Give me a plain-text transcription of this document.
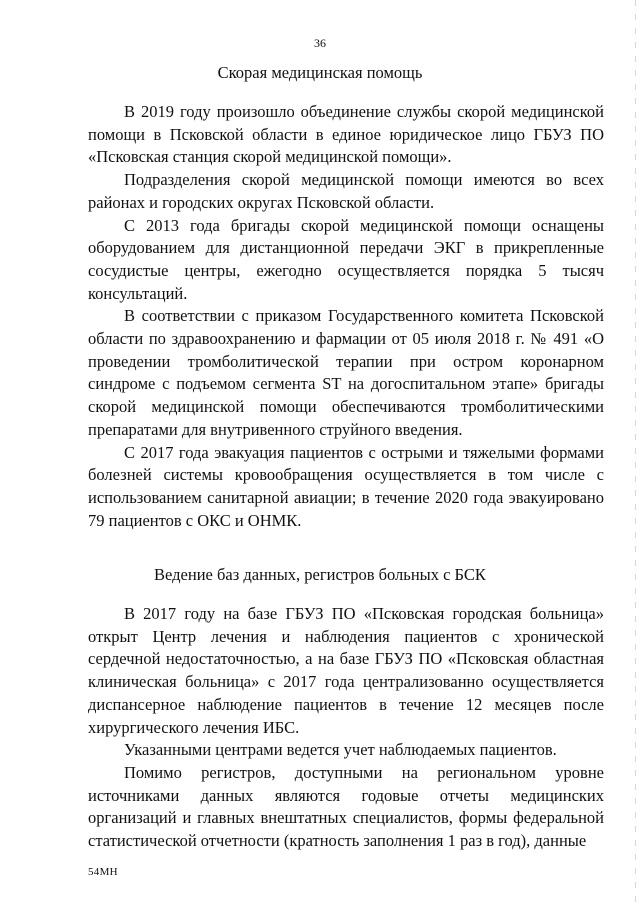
36
Скорая медицинская помощь

В 2019 году произошло объединение службы скорой медицинской помощи в Псковской области в единое юридическое лицо ГБУЗ ПО «Псковская станция скорой медицинской помощи».

Подразделения скорой медицинской помощи имеются во всех районах и городских округах Псковской области.

С 2013 года бригады скорой медицинской помощи оснащены оборудованием для дистанционной передачи ЭКГ в прикрепленные сосудистые центры, ежегодно осуществляется порядка 5 тысяч консультаций.

В соответствии с приказом Государственного комитета Псковской области по здравоохранению и фармации от 05 июля 2018 г. № 491 «О проведении тромболитической терапии при остром коронарном синдроме с подъемом сегмента ST на догоспитальном этапе» бригады скорой медицинской помощи обеспечиваются тромболитическими препаратами для внутривенного струйного введения.

С 2017 года эвакуация пациентов с острыми и тяжелыми формами болезней системы кровообращения осуществляется в том числе с использованием санитарной авиации; в течение 2020 года эвакуировано 79 пациентов с ОКС и ОНМК.

Ведение баз данных, регистров больных с БСК

В 2017 году на базе ГБУЗ ПО «Псковская городская больница» открыт Центр лечения и наблюдения пациентов с хронической сердечной недостаточностью, а на базе ГБУЗ ПО «Псковская областная клиническая больница» с 2017 года централизованно осуществляется диспансерное наблюдение пациентов в течение 12 месяцев после хирургического лечения ИБС.

Указанными центрами ведется учет наблюдаемых пациентов.

Помимо регистров, доступными на региональном уровне источниками данных являются годовые отчеты медицинских организаций и главных внештатных специалистов, формы федеральной статистической отчетности (кратность заполнения 1 раз в год), данные

54МН
